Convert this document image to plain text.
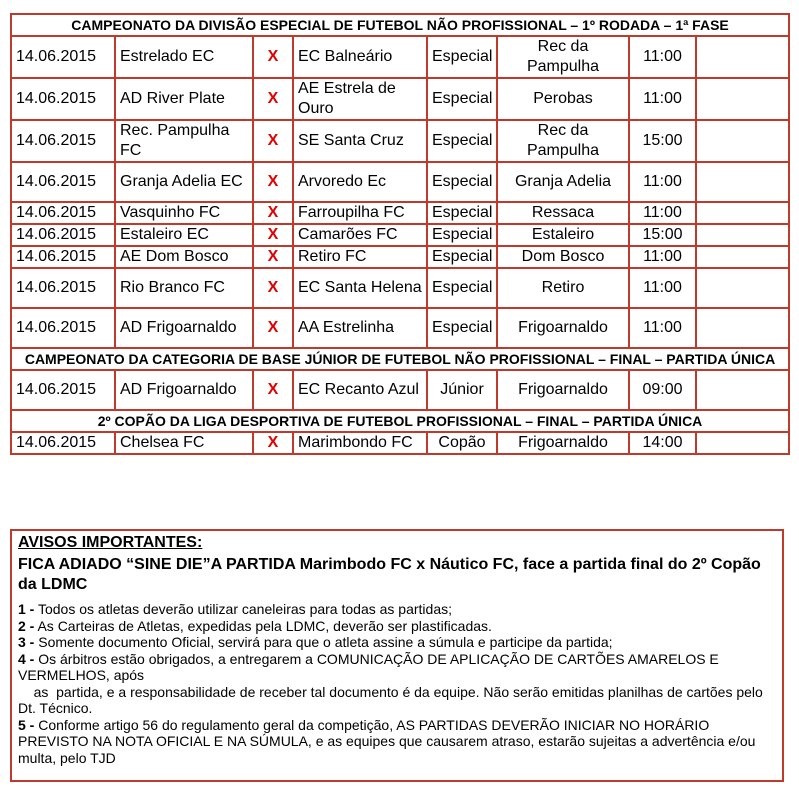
CAMPEONATO DA DIVISÃO ESPECIAL DE FUTEBOL NÃO PROFISSIONAL – 1º RODADA – 1ª FASE							
14.06.2015	Estrelado EC	X	EC Balneário	Especial	Rec da Pampulha	11:00	
14.06.2015	AD River Plate	X	AE Estrela de Ouro	Especial	Perobas	11:00	
14.06.2015	Rec. Pampulha FC	X	SE Santa Cruz	Especial	Rec da Pampulha	15:00	
14.06.2015	Granja Adelia EC	X	Arvoredo Ec	Especial	Granja Adelia	11:00	
14.06.2015	Vasquinho FC	X	Farroupilha FC	Especial	Ressaca	11:00	
14.06.2015	Estaleiro EC	X	Camarões FC	Especial	Estaleiro	15:00	
14.06.2015	AE Dom Bosco	X	Retiro FC	Especial	Dom Bosco	11:00	
14.06.2015	Rio Branco FC	X	EC Santa Helena	Especial	Retiro	11:00	
14.06.2015	AD Frigoarnaldo	X	AA Estrelinha	Especial	Frigoarnaldo	11:00	
CAMPEONATO DA CATEGORIA DE BASE JÚNIOR DE FUTEBOL NÃO PROFISSIONAL – FINAL – PARTIDA ÚNICA							
14.06.2015	AD Frigoarnaldo	X	EC Recanto Azul	Júnior	Frigoarnaldo	09:00	
2º COPÃO DA LIGA DESPORTIVA DE FUTEBOL PROFISSIONAL – FINAL – PARTIDA ÚNICA							
14.06.2015	Chelsea FC	X	Marimbondo FC	Copão	Frigoarnaldo	14:00	
AVISOS IMPORTANTES:
FICA ADIADO “SINE DIE”A PARTIDA Marimbodo FC x Náutico FC, face a partida final do 2º Copão da LDMC
1 - Todos os atletas deverão utilizar caneleiras para todas as partidas;
2 - As Carteiras de Atletas, expedidas pela LDMC, deverão ser plastificadas.
3 - Somente documento Oficial, servirá para que o atleta assine a súmula e participe da partida;
4 - Os árbitros estão obrigados, a entregarem a COMUNICAÇÃO DE APLICAÇÃO DE CARTÕES AMARELOS E VERMELHOS, após
as  partida, e a responsabilidade de receber tal documento é da equipe. Não serão emitidas planilhas de cartões pelo Dt. Técnico.
5 - Conforme artigo 56 do regulamento geral da competição, AS PARTIDAS DEVERÃO INICIAR NO HORÁRIO PREVISTO NA NOTA OFICIAL E NA SÚMULA, e as equipes que causarem atraso, estarão sujeitas a advertência e/ou multa, pelo TJD
